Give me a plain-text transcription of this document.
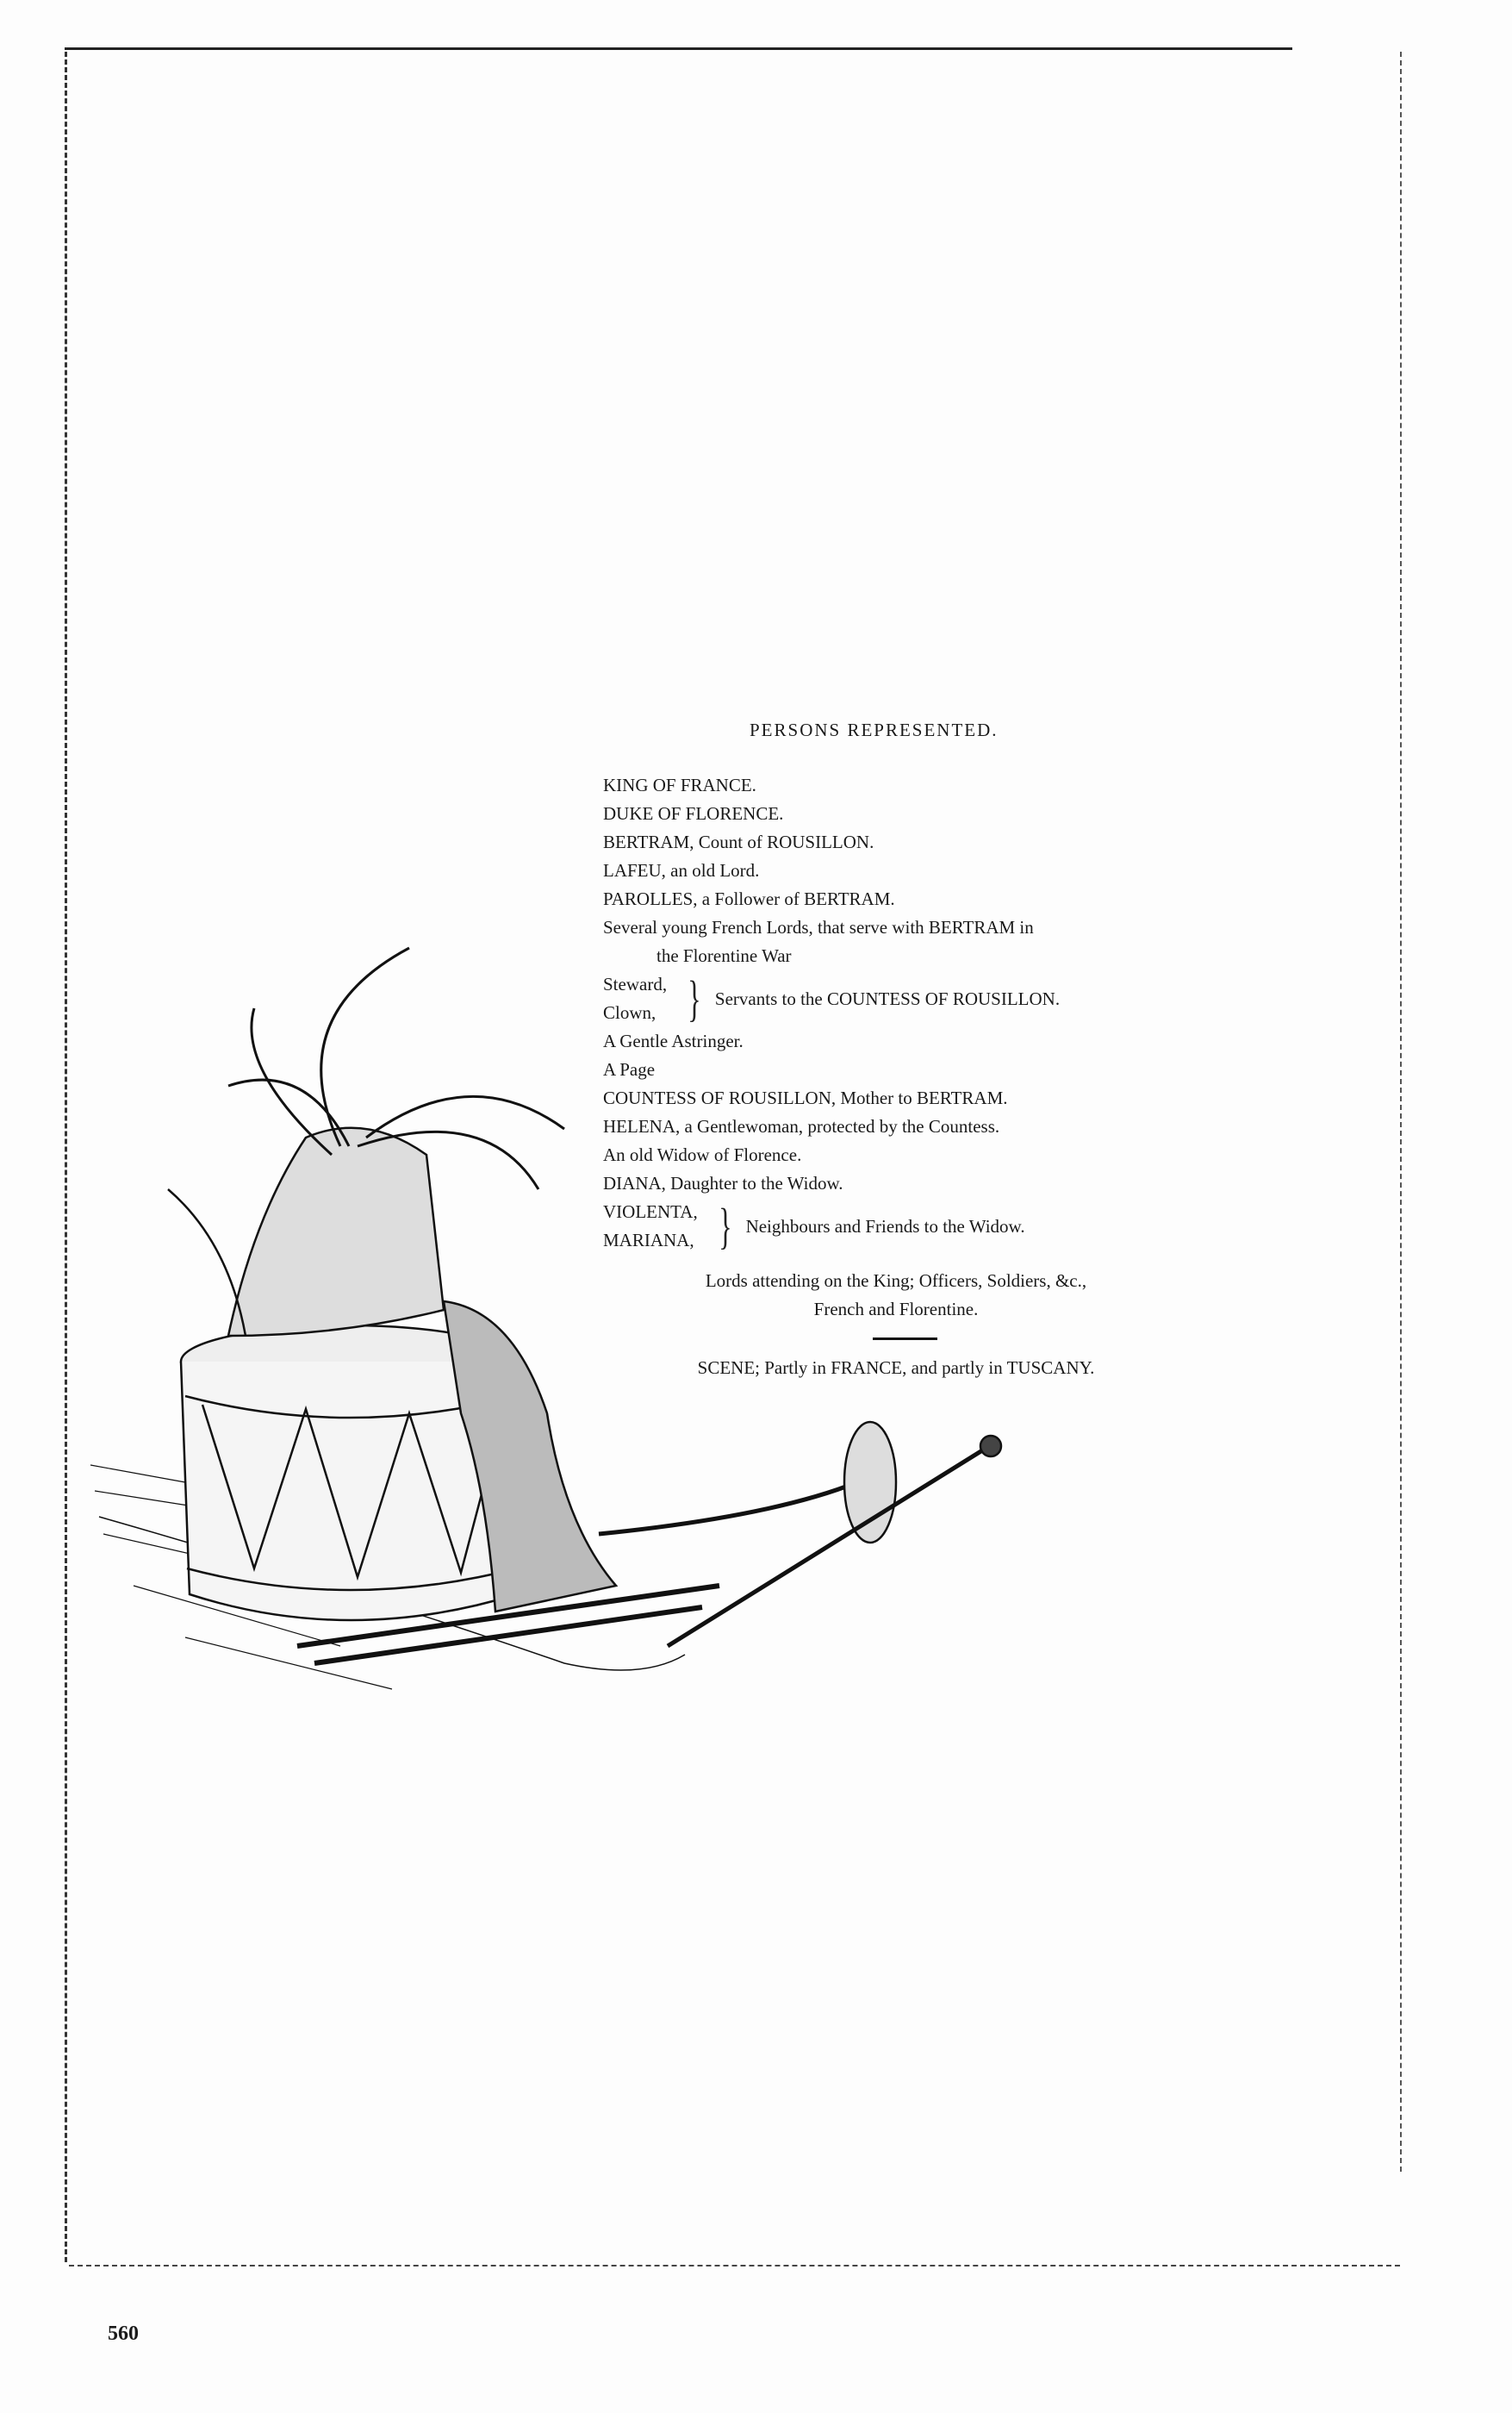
PERSONS REPRESENTED.
KING OF FRANCE.
DUKE OF FLORENCE.
BERTRAM, Count of ROUSILLON.
LAFEU, an old Lord.
PAROLLES, a Follower of BERTRAM.
Several young French Lords, that serve with BERTRAM in
the Florentine War
Steward,
Clown, } Servants to the COUNTESS OF ROUSILLON.
A Gentle Astringer.
A Page
COUNTESS OF ROUSILLON, Mother to BERTRAM.
HELENA, a Gentlewoman, protected by the Countess.
An old Widow of Florence.
DIANA, Daughter to the Widow.
VIOLENTA,
MARIANA, } Neighbours and Friends to the Widow.
Lords attending on the King; Officers, Soldiers, &c.,
French and Florentine.
SCENE; Partly in FRANCE, and partly in TUSCANY.
560
